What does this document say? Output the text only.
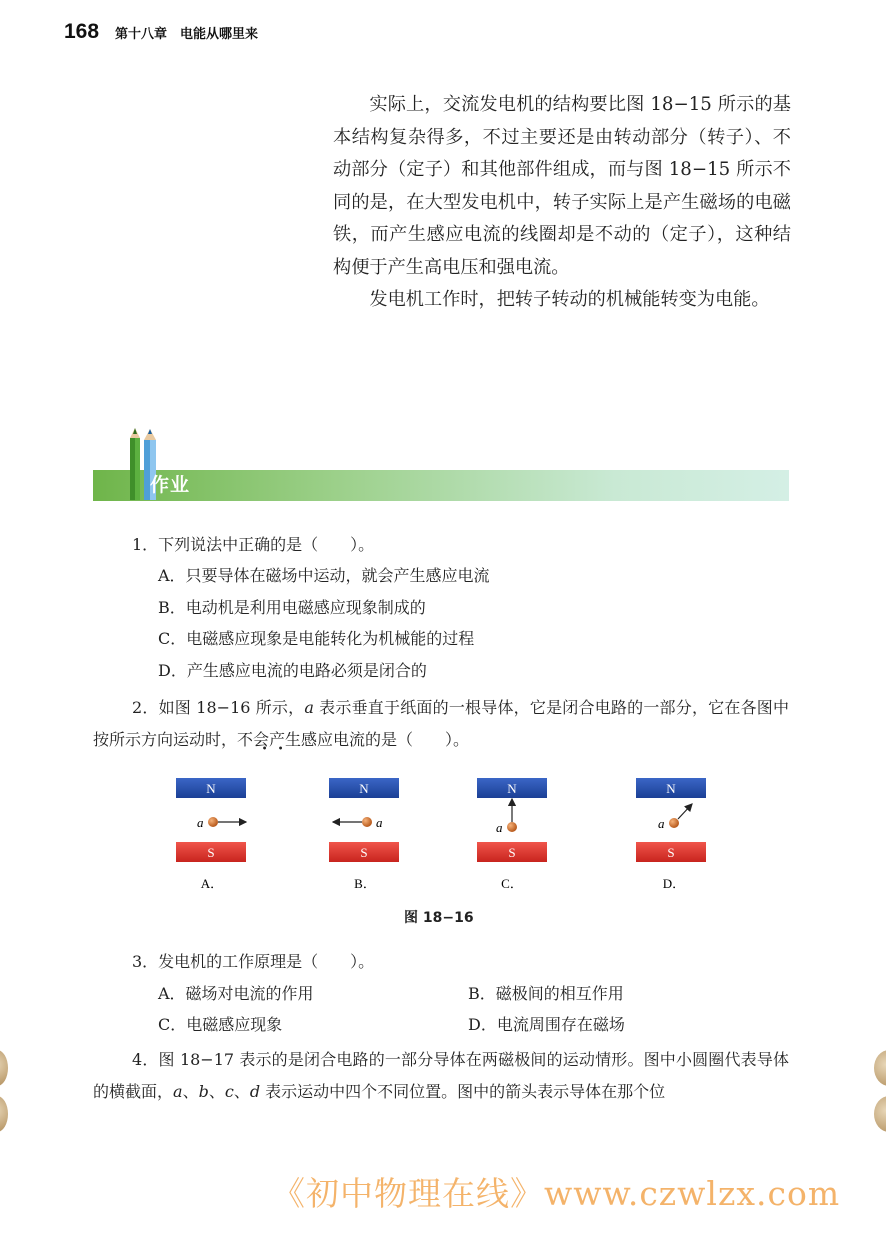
168 第十八章　电能从哪里来

实际上，交流发电机的结构要比图 18−15 所示的基本结构复杂得多，不过主要还是由转动部分（转子）、不动部分（定子）和其他部件组成，而与图 18−15 所示不同的是，在大型发电机中，转子实际上是产生磁场的电磁铁，而产生感应电流的线圈却是不动的（定子），这种结构便于产生高电压和强电流。

发电机工作时，把转子转动的机械能转变为电能。

作业
1．下列说法中正确的是（　　）。
A．只要导体在磁场中运动，就会产生感应电流
B．电动机是利用电磁感应现象制成的
C．电磁感应现象是电能转化为机械能的过程
D．产生感应电流的电路必须是闭合的
2．如图 18−16 所示，a 表示垂直于纸面的一根导体，它是闭合电路的一部分，它在各图中按所示方向运动时，不会产生感应电流的是（　　）。
N
S
a
A．
N
S
a
B．
N
S
a
C．
N
S
a
D．
图 18−16
3．发电机的工作原理是（　　）。
A．磁场对电流的作用	B．磁极间的相互作用
C．电磁感应现象	D．电流周围存在磁场
4．图 18−17 表示的是闭合电路的一部分导体在两磁极间的运动情形。图中小圆圈代表导体的横截面，a、b、c、d 表示运动中四个不同位置。图中的箭头表示导体在那个位
《初中物理在线》www.czwlzx.com
